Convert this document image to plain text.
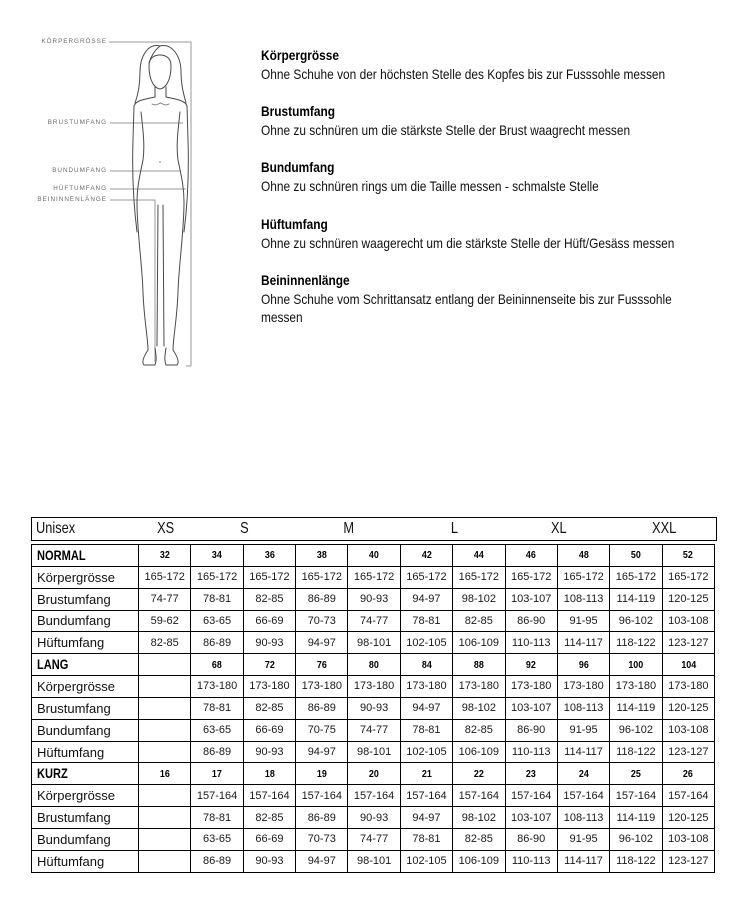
KÖRPERGRÖSSE
BRUSTUMFANG
BUNDUMFANG
HÜFTUMFANG
BEININNENLÄNGE
Körpergrösse
Ohne Schuhe von der höchsten Stelle des Kopfes bis zur Fusssohle messen
Brustumfang
Ohne zu schnüren um die stärkste Stelle der Brust waagrecht messen
Bundumfang
Ohne zu schnüren rings um die Taille messen - schmalste Stelle
Hüftumfang
Ohne zu schnüren waagerecht um die stärkste Stelle der Hüft/Gesäss messen
Beininnenlänge
Ohne Schuhe vom Schrittansatz entlang der Beininnenseite bis zur Fusssohle
messen
Unisex	XS	S	M	L	XL	XXL
NORMAL	32	34	36	38	40	42	44	46	48	50	52
Körpergrösse	165-172	165-172	165-172	165-172	165-172	165-172	165-172	165-172	165-172	165-172	165-172
Brustumfang	74-77	78-81	82-85	86-89	90-93	94-97	98-102	103-107	108-113	114-119	120-125
Bundumfang	59-62	63-65	66-69	70-73	74-77	78-81	82-85	86-90	91-95	96-102	103-108
Hüftumfang	82-85	86-89	90-93	94-97	98-101	102-105	106-109	110-113	114-117	118-122	123-127
LANG		68	72	76	80	84	88	92	96	100	104
Körpergrösse		173-180	173-180	173-180	173-180	173-180	173-180	173-180	173-180	173-180	173-180
Brustumfang		78-81	82-85	86-89	90-93	94-97	98-102	103-107	108-113	114-119	120-125
Bundumfang		63-65	66-69	70-75	74-77	78-81	82-85	86-90	91-95	96-102	103-108
Hüftumfang		86-89	90-93	94-97	98-101	102-105	106-109	110-113	114-117	118-122	123-127
KURZ	16	17	18	19	20	21	22	23	24	25	26
Körpergrösse		157-164	157-164	157-164	157-164	157-164	157-164	157-164	157-164	157-164	157-164
Brustumfang		78-81	82-85	86-89	90-93	94-97	98-102	103-107	108-113	114-119	120-125
Bundumfang		63-65	66-69	70-73	74-77	78-81	82-85	86-90	91-95	96-102	103-108
Hüftumfang		86-89	90-93	94-97	98-101	102-105	106-109	110-113	114-117	118-122	123-127
